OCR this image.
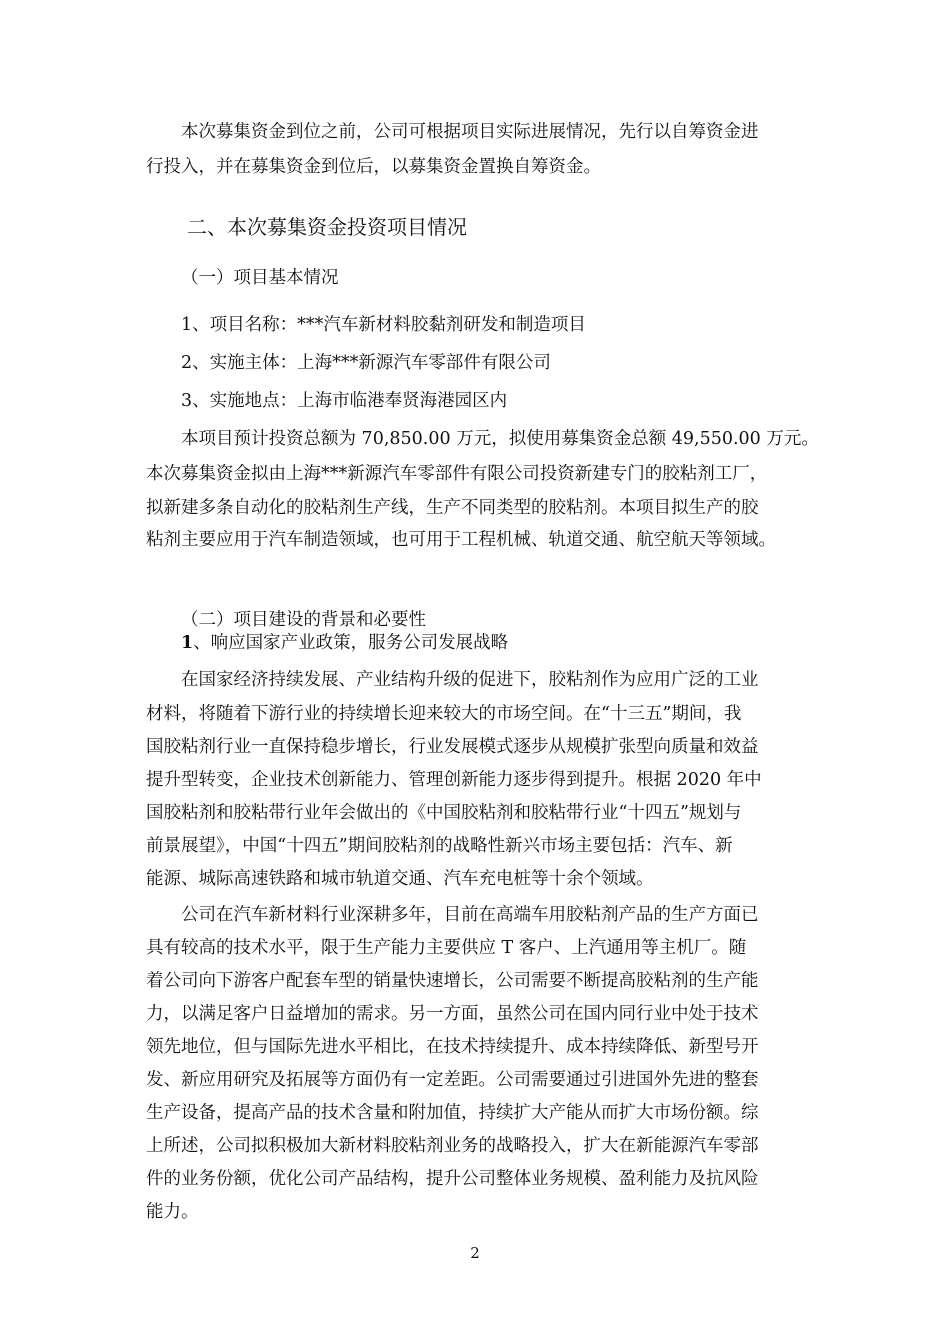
本次募集资金到位之前，公司可根据项目实际进展情况，先行以自筹资金进
行投入，并在募集资金到位后，以募集资金置换自筹资金。
二、本次募集资金投资项目情况
（一）项目基本情况
1、项目名称：***汽车新材料胶黏剂研发和制造项目
2、实施主体：上海***新源汽车零部件有限公司
3、实施地点：上海市临港奉贤海港园区内
本项目预计投资总额为 70,850.00 万元，拟使用募集资金总额 49,550.00 万元。
本次募集资金拟由上海***新源汽车零部件有限公司投资新建专门的胶粘剂工厂，
拟新建多条自动化的胶粘剂生产线，生产不同类型的胶粘剂。本项目拟生产的胶
粘剂主要应用于汽车制造领域，也可用于工程机械、轨道交通、航空航天等领域。
（二）项目建设的背景和必要性
1、响应国家产业政策，服务公司发展战略
在国家经济持续发展、产业结构升级的促进下，胶粘剂作为应用广泛的工业
材料，将随着下游行业的持续增长迎来较大的市场空间。在“十三五”期间，我
国胶粘剂行业一直保持稳步增长，行业发展模式逐步从规模扩张型向质量和效益
提升型转变，企业技术创新能力、管理创新能力逐步得到提升。根据 2020 年中
国胶粘剂和胶粘带行业年会做出的《中国胶粘剂和胶粘带行业“十四五”规划与
前景展望》，中国“十四五”期间胶粘剂的战略性新兴市场主要包括：汽车、新
能源、城际高速铁路和城市轨道交通、汽车充电桩等十余个领域。
公司在汽车新材料行业深耕多年，目前在高端车用胶粘剂产品的生产方面已
具有较高的技术水平，限于生产能力主要供应 T 客户、上汽通用等主机厂。随
着公司向下游客户配套车型的销量快速增长，公司需要不断提高胶粘剂的生产能
力，以满足客户日益增加的需求。另一方面，虽然公司在国内同行业中处于技术
领先地位，但与国际先进水平相比，在技术持续提升、成本持续降低、新型号开
发、新应用研究及拓展等方面仍有一定差距。公司需要通过引进国外先进的整套
生产设备，提高产品的技术含量和附加值，持续扩大产能从而扩大市场份额。综
上所述，公司拟积极加大新材料胶粘剂业务的战略投入，扩大在新能源汽车零部
件的业务份额，优化公司产品结构，提升公司整体业务规模、盈利能力及抗风险
能力。
2
